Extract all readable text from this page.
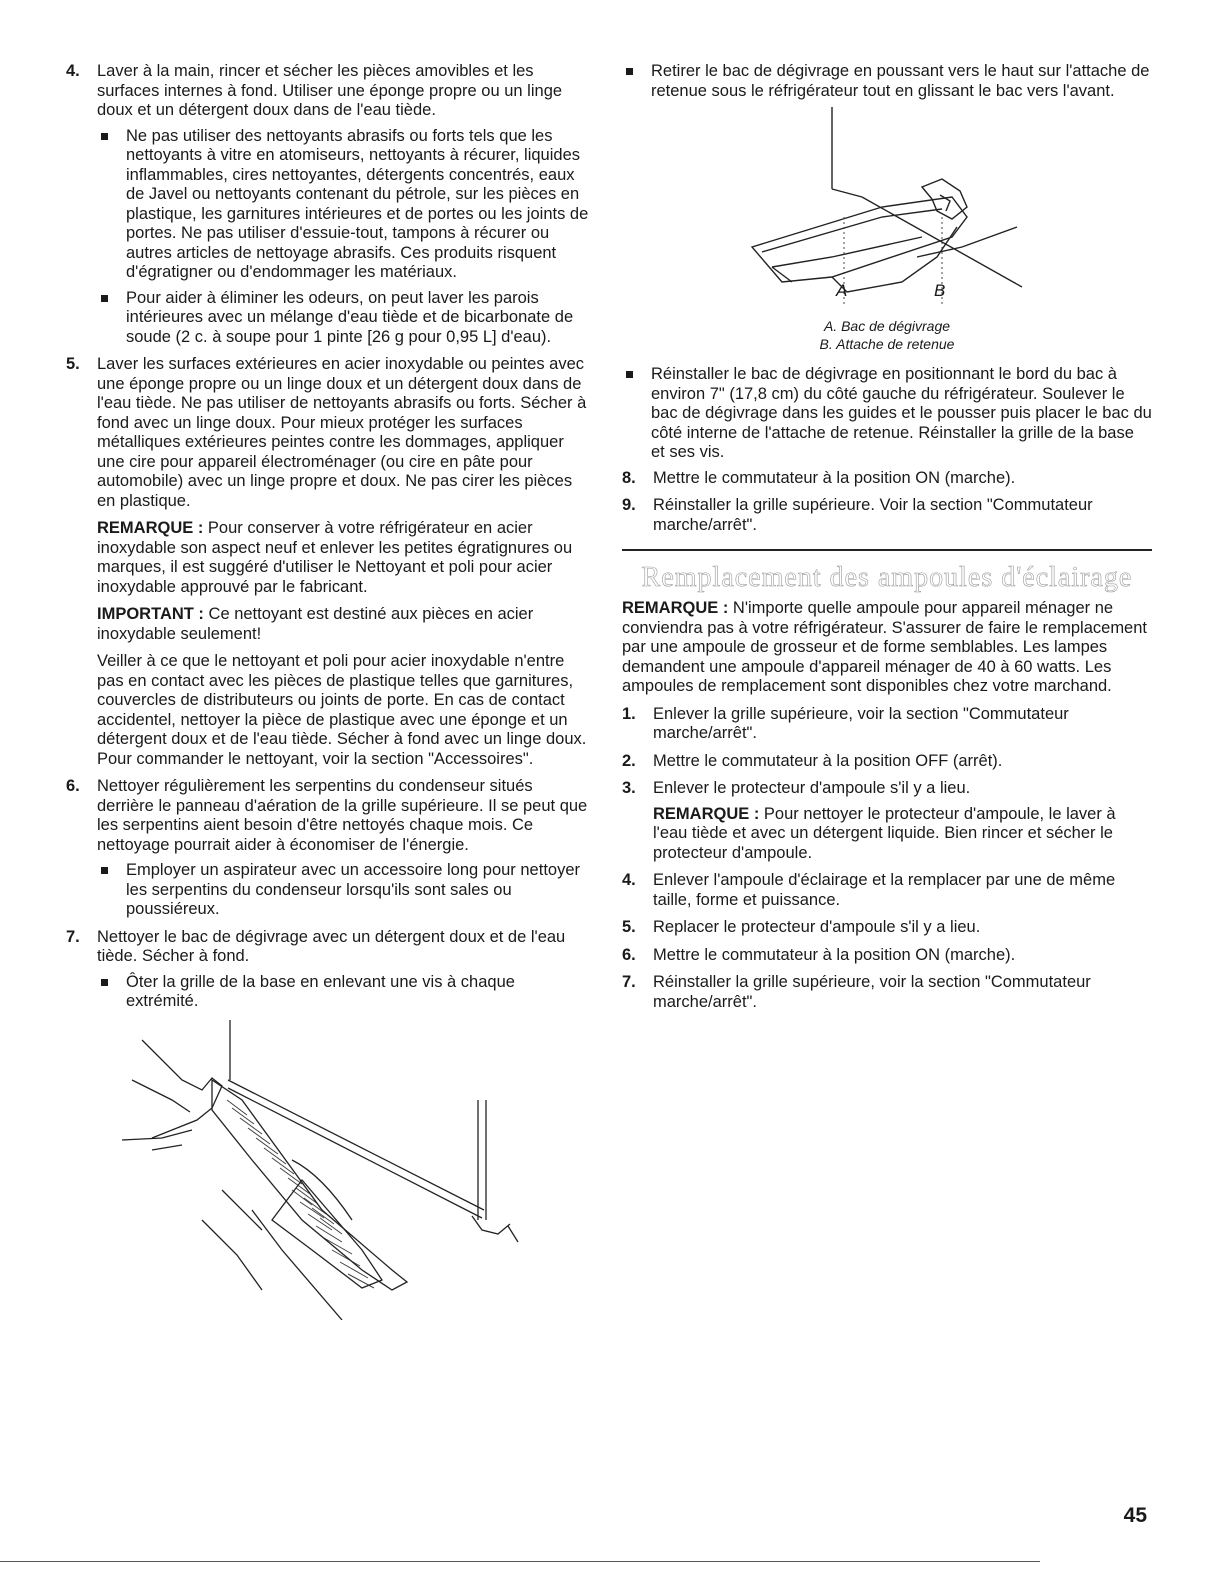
4. Laver à la main, rincer et sécher les pièces amovibles et les surfaces internes à fond. Utiliser une éponge propre ou un linge doux et un détergent doux dans de l'eau tiède.
Ne pas utiliser des nettoyants abrasifs ou forts tels que les nettoyants à vitre en atomiseurs, nettoyants à récurer, liquides inflammables, cires nettoyantes, détergents concentrés, eaux de Javel ou nettoyants contenant du pétrole, sur les pièces en plastique, les garnitures intérieures et de portes ou les joints de portes. Ne pas utiliser d'essuie-tout, tampons à récurer ou autres articles de nettoyage abrasifs. Ces produits risquent d'égratigner ou d'endommager les matériaux.
Pour aider à éliminer les odeurs, on peut laver les parois intérieures avec un mélange d'eau tiède et de bicarbonate de soude (2 c. à soupe pour 1 pinte [26 g pour 0,95 L] d'eau).
5. Laver les surfaces extérieures en acier inoxydable ou peintes avec une éponge propre ou un linge doux et un détergent doux dans de l'eau tiède. Ne pas utiliser de nettoyants abrasifs ou forts. Sécher à fond avec un linge doux. Pour mieux protéger les surfaces métalliques extérieures peintes contre les dommages, appliquer une cire pour appareil électroménager (ou cire en pâte pour automobile) avec un linge propre et doux. Ne pas cirer les pièces en plastique.

REMARQUE : Pour conserver à votre réfrigérateur en acier inoxydable son aspect neuf et enlever les petites égratignures ou marques, il est suggéré d'utiliser le Nettoyant et poli pour acier inoxydable approuvé par le fabricant.

IMPORTANT : Ce nettoyant est destiné aux pièces en acier inoxydable seulement!

Veiller à ce que le nettoyant et poli pour acier inoxydable n'entre pas en contact avec les pièces de plastique telles que garnitures, couvercles de distributeurs ou joints de porte. En cas de contact accidentel, nettoyer la pièce de plastique avec une éponge et un détergent doux et de l'eau tiède. Sécher à fond avec un linge doux. Pour commander le nettoyant, voir la section "Accessoires".

6. Nettoyer régulièrement les serpentins du condenseur situés derrière le panneau d'aération de la grille supérieure. Il se peut que les serpentins aient besoin d'être nettoyés chaque mois. Ce nettoyage pourrait aider à économiser de l'énergie.
Employer un aspirateur avec un accessoire long pour nettoyer les serpentins du condenseur lorsqu'ils sont sales ou poussiéreux.
7. Nettoyer le bac de dégivrage avec un détergent doux et de l'eau tiède. Sécher à fond.
Ôter la grille de la base en enlevant une vis à chaque extrémité.
Retirer le bac de dégivrage en poussant vers le haut sur l'attache de retenue sous le réfrigérateur tout en glissant le bac vers l'avant.
A	B
A. Bac de dégivrage
B. Attache de retenue
Réinstaller le bac de dégivrage en positionnant le bord du bac à environ 7" (17,8 cm) du côté gauche du réfrigérateur. Soulever le bac de dégivrage dans les guides et le pousser puis placer le bac du côté interne de l'attache de retenue. Réinstaller la grille de la base et ses vis.
8. Mettre le commutateur à la position ON (marche).
9. Réinstaller la grille supérieure. Voir la section "Commutateur marche/arrêt".
Remplacement des ampoules d'éclairage

REMARQUE : N'importe quelle ampoule pour appareil ménager ne conviendra pas à votre réfrigérateur. S'assurer de faire le remplacement par une ampoule de grosseur et de forme semblables. Les lampes demandent une ampoule d'appareil ménager de 40 à 60 watts. Les ampoules de remplacement sont disponibles chez votre marchand.

1. Enlever la grille supérieure, voir la section "Commutateur marche/arrêt".
2. Mettre le commutateur à la position OFF (arrêt).
3. Enlever le protecteur d'ampoule s'il y a lieu.

REMARQUE : Pour nettoyer le protecteur d'ampoule, le laver à l'eau tiède et avec un détergent liquide. Bien rincer et sécher le protecteur d'ampoule.

4. Enlever l'ampoule d'éclairage et la remplacer par une de même taille, forme et puissance.
5. Replacer le protecteur d'ampoule s'il y a lieu.
6. Mettre le commutateur à la position ON (marche).
7. Réinstaller la grille supérieure, voir la section "Commutateur marche/arrêt".
45
